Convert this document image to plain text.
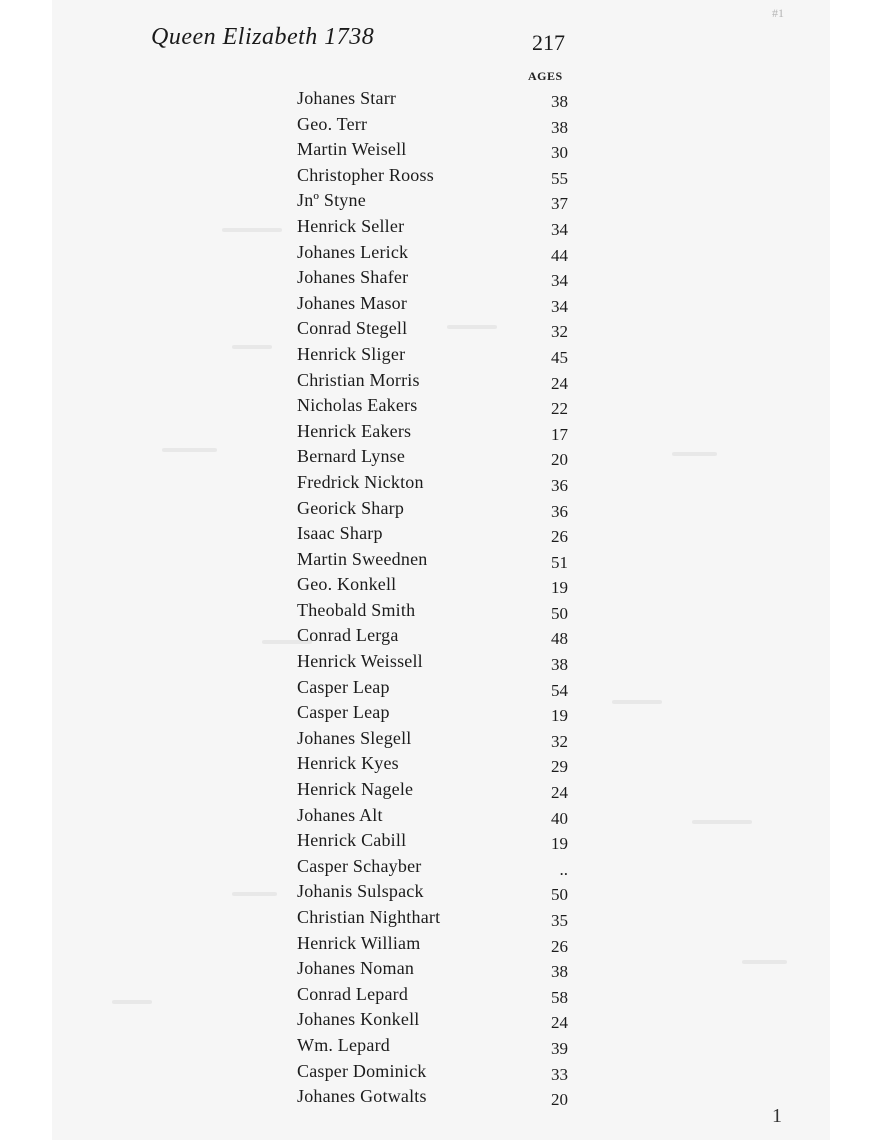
#1
Queen Elizabeth 1738	217
AGES
Johanes Starr	38
Geo. Terr	38
Martin Weisell	30
Christopher Rooss	55
Jnº Styne	37
Henrick Seller	34
Johanes Lerick	44
Johanes Shafer	34
Johanes Masor	34
Conrad Stegell	32
Henrick Sliger	45
Christian Morris	24
Nicholas Eakers	22
Henrick Eakers	17
Bernard Lynse	20
Fredrick Nickton	36
Georick Sharp	36
Isaac Sharp	26
Martin Sweednen	51
Geo. Konkell	19
Theobald Smith	50
Conrad Lerga	48
Henrick Weissell	38
Casper Leap	54
Casper Leap	19
Johanes Slegell	32
Henrick Kyes	29
Henrick Nagele	24
Johanes Alt	40
Henrick Cabill	19
Casper Schayber	..
Johanis Sulspack	50
Christian Nighthart	35
Henrick William	26
Johanes Noman	38
Conrad Lepard	58
Johanes Konkell	24
Wm. Lepard	39
Casper Dominick	33
Johanes Gotwalts	20
1
